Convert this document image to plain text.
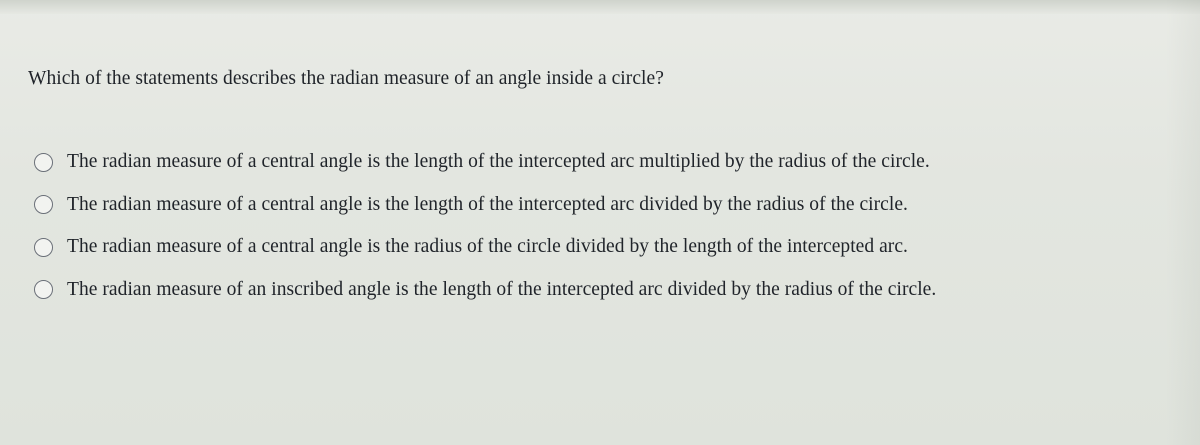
Which of the statements describes the radian measure of an angle inside a circle?
The radian measure of a central angle is the length of the intercepted arc multiplied by the radius of the circle.
The radian measure of a central angle is the length of the intercepted arc divided by the radius of the circle.
The radian measure of a central angle is the radius of the circle divided by the length of the intercepted arc.
The radian measure of an inscribed angle is the length of the intercepted arc divided by the radius of the circle.
